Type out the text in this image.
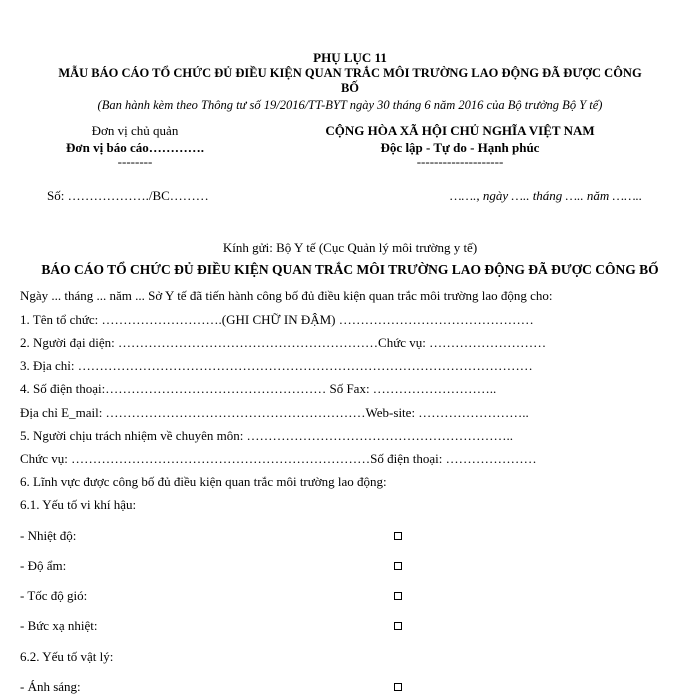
PHỤ LỤC 11
MẪU BÁO CÁO TỔ CHỨC ĐỦ ĐIỀU KIỆN QUAN TRẮC MÔI TRƯỜNG LAO ĐỘNG ĐÃ ĐƯỢC CÔNG
BỐ
(Ban hành kèm theo Thông tư số 19/2016/TT-BYT ngày 30 tháng 6 năm 2016 của Bộ trưởng Bộ Y tế)
Đơn vị chủ quản
Đơn vị báo cáo………….
--------
CỘNG HÒA XÃ HỘI CHỦ NGHĨA VIỆT NAM
Độc lập - Tự do - Hạnh phúc
--------------------
Số: ………………./BC………	……., ngày ….. tháng ….. năm ……..
Kính gửi: Bộ Y tế (Cục Quản lý môi trường y tế)
BÁO CÁO TỔ CHỨC ĐỦ ĐIỀU KIỆN QUAN TRẮC MÔI TRƯỜNG LAO ĐỘNG ĐÃ ĐƯỢC CÔNG BỐ
Ngày ... tháng ... năm ... Sở Y tế đã tiến hành công bố đủ điều kiện quan trắc môi trường lao động cho:
1. Tên tổ chức: ……………………….(GHI CHỮ IN ĐẬM) ………………………………………
2. Người đại diện: ……………………………………………………Chức vụ: ………………………
3. Địa chỉ: ……………………………………………………………………………………………
4. Số điện thoại:…………………………………………… Số Fax: ………………………..
Địa chỉ E_mail: ……………………………………………………Web-site: ……………………..
5. Người chịu trách nhiệm về chuyên môn: ……………………………………………………..
Chức vụ: ……………………………………………………………Số điện thoại: …………………
6. Lĩnh vực được công bố đủ điều kiện quan trắc môi trường lao động:
6.1. Yếu tố vi khí hậu:
- Nhiệt độ:
- Độ ẩm:
- Tốc độ gió:
- Bức xạ nhiệt:
6.2. Yếu tố vật lý:
- Ánh sáng:
